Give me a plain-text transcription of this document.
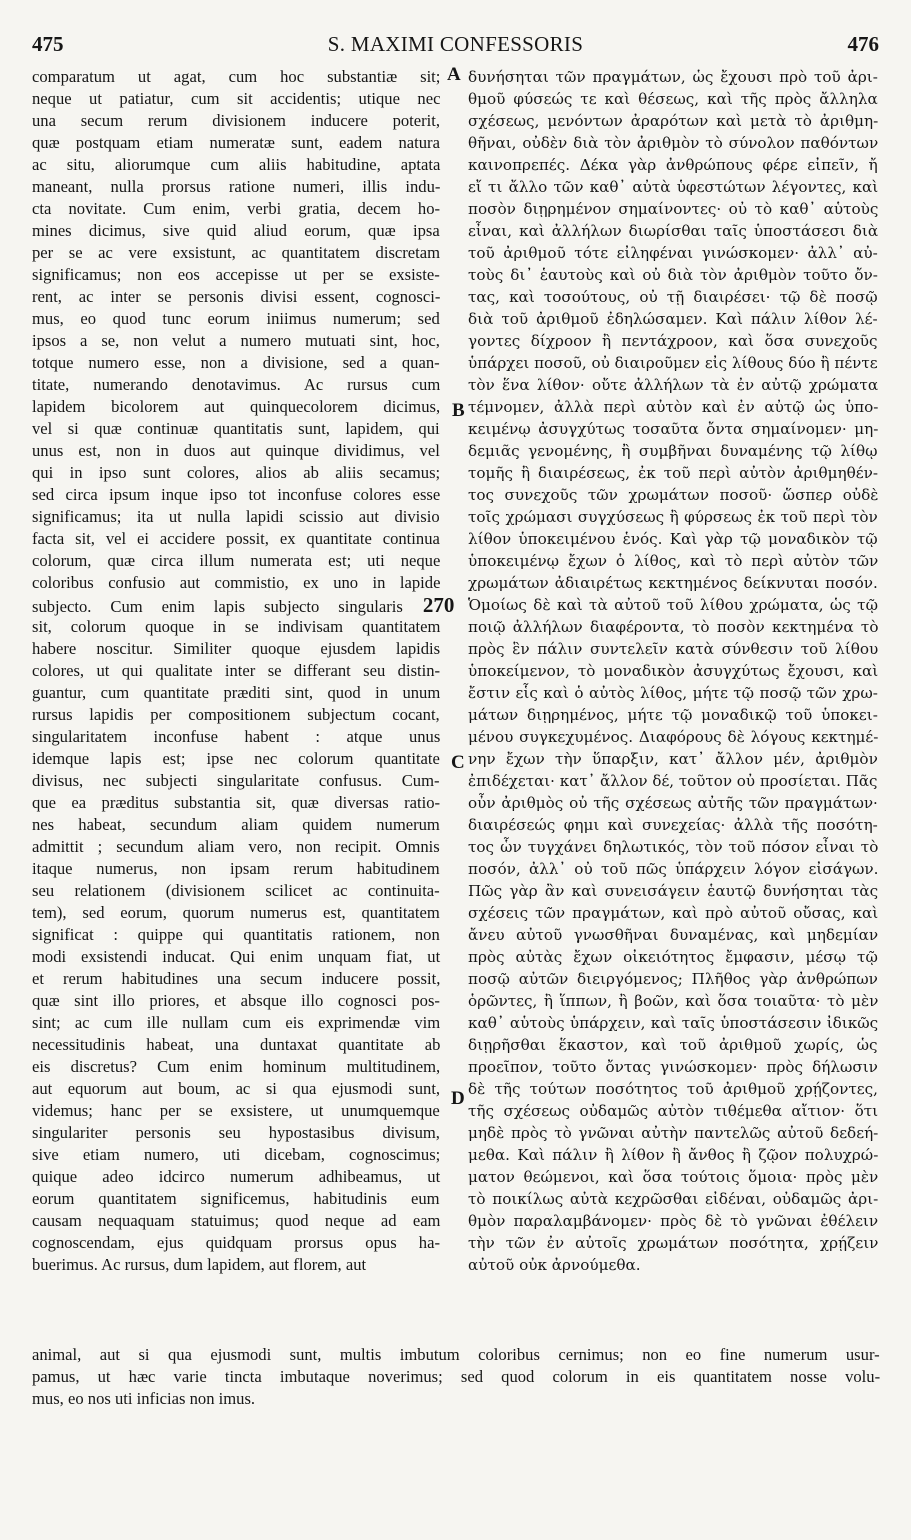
475	S. MAXIMI CONFESSORIS	476
comparatum ut agat, cum hoc substantiæ sit;
neque ut patiatur, cum sit accidentis; utique nec
una secum rerum divisionem inducere poterit,
quæ postquam etiam numeratæ sunt, eadem natura
ac situ, aliorumque cum aliis habitudine, aptata
maneant, nulla prorsus ratione numeri, illis indu-
cta novitate. Cum enim, verbi gratia, decem ho-
mines dicimus, sive quid aliud eorum, quæ ipsa
per se ac vere exsistunt, ac quantitatem discretam
significamus; non eos accepisse ut per se exsiste-
rent, ac inter se personis divisi essent, cognosci-
mus, eo quod tunc eorum iniimus numerum; sed
ipsos a se, non velut a numero mutuati sint, hoc,
totque numero esse, non a divisione, sed a quan-
titate, numerando denotavimus. Ac rursus cum
lapidem bicolorem aut quinquecolorem dicimus,
vel si quæ continuæ quantitatis sunt, lapidem, qui
unus est, non in duos aut quinque dividimus, vel
qui in ipso sunt colores, alios ab aliis secamus;
sed circa ipsum inque ipso tot inconfuse colores esse
significamus; ita ut nulla lapidi scissio aut divisio
facta sit, vel ei accidere possit, ex quantitate continua
colorum, quæ circa illum numerata est; uti neque
coloribus confusio aut commistio, ex uno in lapide
subjecto. Cum enim lapis subjecto singularis 270
sit, colorum quoque in se indivisam quantitatem
habere noscitur. Similiter quoque ejusdem lapidis
colores, ut qui qualitate inter se differant seu distin-
guantur, cum quantitate præditi sint, quod in unum
rursus lapidis per compositionem subjectum cocant,
singularitatem inconfuse habent : atque unus
idemque lapis est; ipse nec colorum quantitate
divisus, nec subjecti singularitate confusus. Cum-
que ea præditus substantia sit, quæ diversas ratio-
nes habeat, secundum aliam quidem numerum
admittit ; secundum aliam vero, non recipit. Omnis
itaque numerus, non ipsam rerum habitudinem
seu relationem (divisionem scilicet ac continuita-
tem), sed eorum, quorum numerus est, quantitatem
significat : quippe qui quantitatis rationem, non
modi exsistendi inducat. Qui enim unquam fiat, ut
et rerum habitudines una secum inducere possit,
quæ sint illo priores, et absque illo cognosci pos-
sint; ac cum ille nullam cum eis exprimendæ vim
necessitudinis habeat, una duntaxat quantitate ab
eis discretus? Cum enim hominum multitudinem,
aut equorum aut boum, ac si qua ejusmodi sunt,
videmus; hanc per se exsistere, ut unumquemque
singulariter personis seu hypostasibus divisum,
sive etiam numero, uti dicebam, cognoscimus;
quique adeo idcirco numerum adhibeamus, ut
eorum quantitatem significemus, habitudinis eum
causam nequaquam statuimus; quod neque ad eam
cognoscendam, ejus quidquam prorsus opus ha-
buerimus. Ac rursus, dum lapidem, aut florem, aut
δυνήσηται τῶν πραγμάτων, ὡς ἔχουσι πρὸ τοῦ ἀρι-
θμοῦ φύσεώς τε καὶ θέσεως, καὶ τῆς πρὸς ἄλληλα
σχέσεως, μενόντων ἀραρότων καὶ μετὰ τὸ ἀριθμη-
θῆναι, οὐδὲν διὰ τὸν ἀριθμὸν τὸ σύνολον παθόντων
καινοπρεπές. Δέκα γὰρ ἀνθρώπους φέρε εἰπεῖν, ἤ
εἴ τι ἄλλο τῶν καθ᾽ αὐτὰ ὑφεστώτων λέγοντες, καὶ
ποσὸν διῃρημένον σημαίνοντες· οὐ τὸ καθ᾽ αὑτοὺς
εἶναι, καὶ ἀλλήλων διωρίσθαι ταῖς ὑποστάσεσι διὰ
τοῦ ἀριθμοῦ τότε εἰληφέναι γινώσκομεν· ἀλλ᾽ αὐ-
τοὺς δι᾽ ἑαυτοὺς καὶ οὐ διὰ τὸν ἀριθμὸν τοῦτο ὄν-
τας, καὶ τοσούτους, οὐ τῇ διαιρέσει· τῷ δὲ ποσῷ
διὰ τοῦ ἀριθμοῦ ἐδηλώσαμεν. Καὶ πάλιν λίθον λέ-
γοντες δίχροον ἢ πεντάχροον, καὶ ὅσα συνεχοῦς
ὑπάρχει ποσοῦ, οὐ διαιροῦμεν εἰς λίθους δύο ἢ πέντε
τὸν ἕνα λίθον· οὔτε ἀλλήλων τὰ ἐν αὐτῷ χρώματα
τέμνομεν, ἀλλὰ περὶ αὐτὸν καὶ ἐν αὐτῷ ὡς ὑπο-
κειμένῳ ἀσυγχύτως τοσαῦτα ὄντα σημαίνομεν· μη-
δεμιᾶς γενομένης, ἢ συμβῆναι δυναμένης τῷ λίθῳ
τομῆς ἢ διαιρέσεως, ἐκ τοῦ περὶ αὐτὸν ἀριθμηθέν-
τος συνεχοῦς τῶν χρωμάτων ποσοῦ· ὥσπερ οὐδὲ
τοῖς χρώμασι συγχύσεως ἢ φύρσεως ἐκ τοῦ περὶ τὸν
λίθον ὑποκειμένου ἑνός. Καὶ γὰρ τῷ μοναδικὸν τῷ
ὑποκειμένῳ ἔχων ὁ λίθος, καὶ τὸ περὶ αὐτὸν τῶν
χρωμάτων ἀδιαιρέτως κεκτημένος δείκνυται ποσόν.
Ὁμοίως δὲ καὶ τὰ αὐτοῦ τοῦ λίθου χρώματα, ὡς τῷ
ποιῷ ἀλλήλων διαφέροντα, τὸ ποσὸν κεκτημένα τὸ
πρὸς ἓν πάλιν συντελεῖν κατὰ σύνθεσιν τοῦ λίθου
ὑποκείμενον, τὸ μοναδικὸν ἀσυγχύτως ἔχουσι, καὶ
ἔστιν εἷς καὶ ὁ αὐτὸς λίθος, μήτε τῷ ποσῷ τῶν χρω-
μάτων διῃρημένος, μήτε τῷ μοναδικῷ τοῦ ὑποκει-
μένου συγκεχυμένος. Διαφόρους δὲ λόγους κεκτημέ-
νην ἔχων τὴν ὕπαρξιν, κατ᾽ ἄλλον μέν, ἀριθμὸν
ἐπιδέχεται· κατ᾽ ἄλλον δέ, τοῦτον οὐ προσίεται. Πᾶς
οὖν ἀριθμὸς οὐ τῆς σχέσεως αὐτῆς τῶν πραγμάτων·
διαιρέσεώς φημι καὶ συνεχείας· ἀλλὰ τῆς ποσότη-
τος ὧν τυγχάνει δηλωτικός, τὸν τοῦ πόσον εἶναι τὸ
ποσόν, ἀλλ᾽ οὐ τοῦ πῶς ὑπάρχειν λόγον εἰσάγων.
Πῶς γὰρ ἂν καὶ συνεισάγειν ἑαυτῷ δυνήσηται τὰς
σχέσεις τῶν πραγμάτων, καὶ πρὸ αὐτοῦ οὔσας, καὶ
ἄνευ αὐτοῦ γνωσθῆναι δυναμένας, καὶ μηδεμίαν
πρὸς αὐτὰς ἔχων οἰκειότητος ἔμφασιν, μέσῳ τῷ
ποσῷ αὐτῶν διειργόμενος; Πλῆθος γὰρ ἀνθρώπων
ὁρῶντες, ἢ ἵππων, ἢ βοῶν, καὶ ὅσα τοιαῦτα· τὸ μὲν
καθ᾽ αὑτοὺς ὑπάρχειν, καὶ ταῖς ὑποστάσεσιν ἰδικῶς
διῃρῆσθαι ἕκαστον, καὶ τοῦ ἀριθμοῦ χωρίς, ὡς
προεῖπον, τοῦτο ὄντας γινώσκομεν· πρὸς δήλωσιν
δὲ τῆς τούτων ποσότητος τοῦ ἀριθμοῦ χρῄζοντες,
τῆς σχέσεως οὐδαμῶς αὐτὸν τιθέμεθα αἴτιον· ὅτι
μηδὲ πρὸς τὸ γνῶναι αὐτὴν παντελῶς αὐτοῦ δεδεή-
μεθα. Καὶ πάλιν ἢ λίθον ἢ ἄνθος ἢ ζῷον πολυχρώ-
ματον θεώμενοι, καὶ ὅσα τούτοις ὅμοια· πρὸς μὲν
τὸ ποικίλως αὐτὰ κεχρῶσθαι εἰδέναι, οὐδαμῶς ἀρι-
θμὸν παραλαμβάνομεν· πρὸς δὲ τὸ γνῶναι ἐθέλειν
τὴν τῶν ἐν αὐτοῖς χρωμάτων ποσότητα, χρῄζειν
αὐτοῦ οὐκ ἀρνούμεθα.
A
B
C
D
animal, aut si qua ejusmodi sunt, multis imbutum coloribus cernimus; non eo fine numerum usur-
pamus, ut hæc varie tincta imbutaque noverimus; sed quod colorum in eis quantitatem nosse volu-
mus, eo nos uti inficias non imus.
